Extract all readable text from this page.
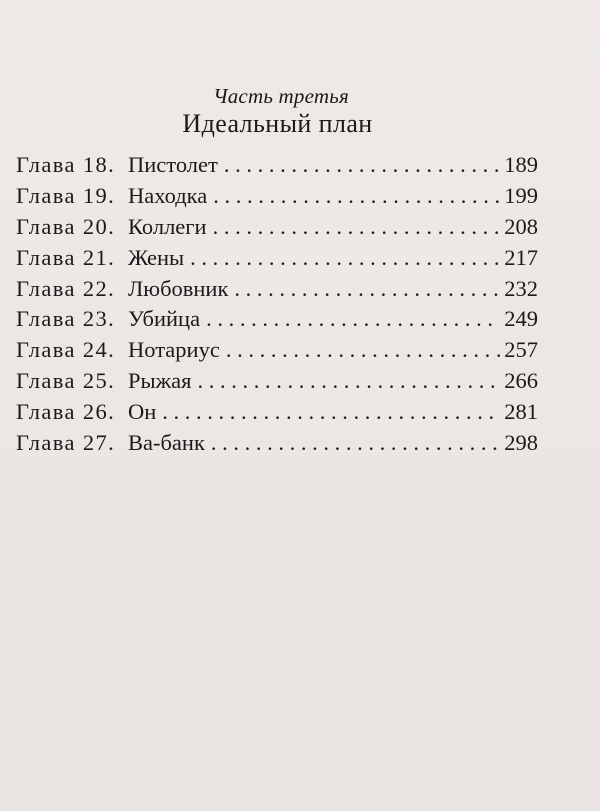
Часть третья
Идеальный план
Глава 18. Пистолет . . .	189
Глава 19. Находка . . .	199
Глава 20. Коллеги . . .	208
Глава 21. Жены . . .	217
Глава 22. Любовник . . .	232
Глава 23. Убийца . . .	249
Глава 24. Нотариус . . .	257
Глава 25. Рыжая . . .	266
Глава 26. Он . . .	281
Глава 27. Ва-банк . . .	298
